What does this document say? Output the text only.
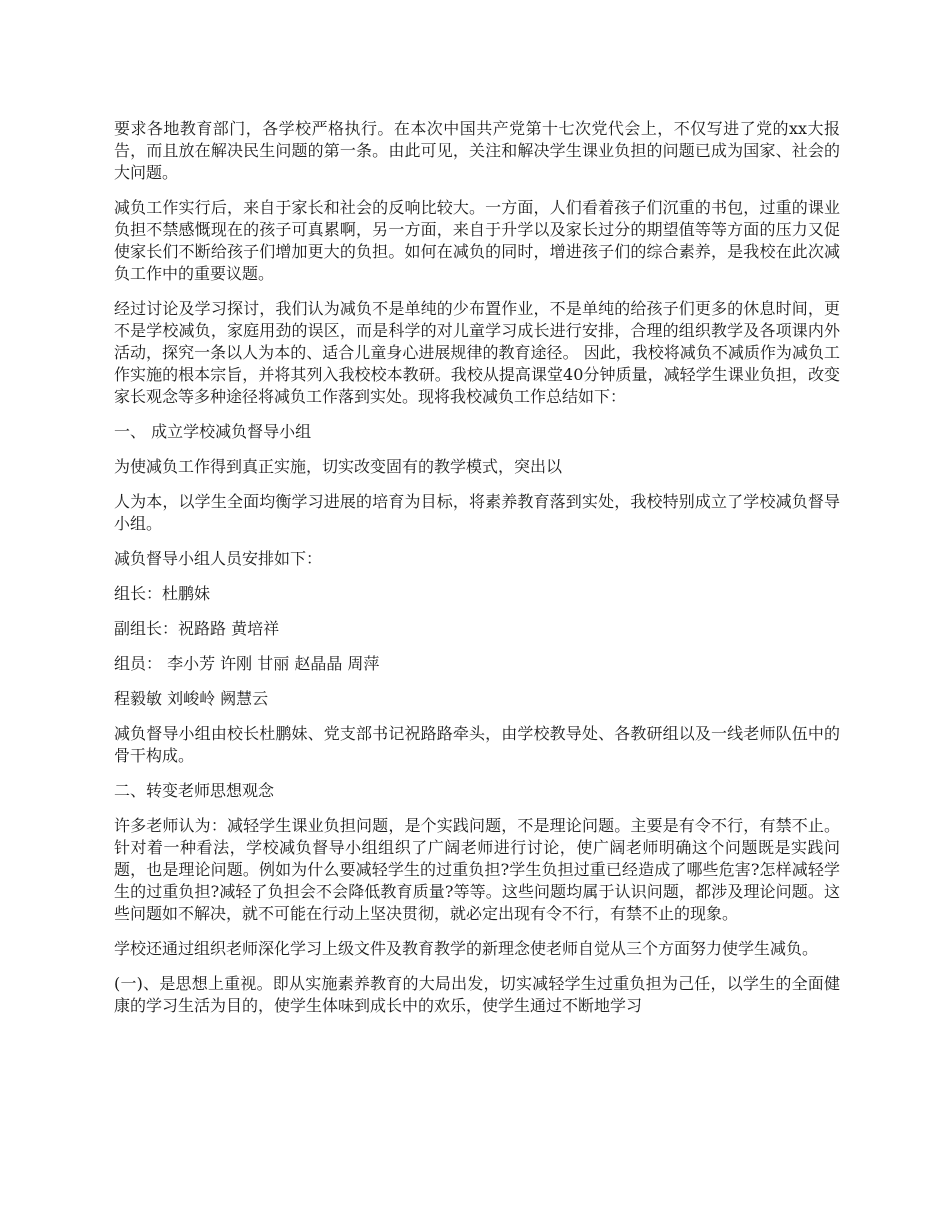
要求各地教育部门，各学校严格执行。在本次中国共产党第十七次党代会上，不仅写进了党的xx大报告，而且放在解决民生问题的第一条。由此可见，关注和解决学生课业负担的问题已成为国家、社会的大问题。

减负工作实行后，来自于家长和社会的反响比较大。一方面，人们看着孩子们沉重的书包，过重的课业负担不禁感慨现在的孩子可真累啊，另一方面，来自于升学以及家长过分的期望值等等方面的压力又促使家长们不断给孩子们增加更大的负担。如何在减负的同时，增进孩子们的综合素养，是我校在此次减负工作中的重要议题。

经过讨论及学习探讨，我们认为减负不是单纯的少布置作业，不是单纯的给孩子们更多的休息时间，更不是学校减负，家庭用劲的误区，而是科学的对儿童学习成长进行安排，合理的组织教学及各项课内外活动，探究一条以人为本的、适合儿童身心进展规律的教育途径。 因此，我校将减负不减质作为减负工作实施的根本宗旨，并将其列入我校校本教研。我校从提高课堂40分钟质量，减轻学生课业负担，改变家长观念等多种途径将减负工作落到实处。现将我校减负工作总结如下：

一、 成立学校减负督导小组

为使减负工作得到真正实施，切实改变固有的教学模式，突出以

人为本，以学生全面均衡学习进展的培育为目标，将素养教育落到实处，我校特别成立了学校减负督导小组。

减负督导小组人员安排如下：

组长：杜鹏妹

副组长：祝路路 黄培祥

组员： 李小芳 许刚 甘丽 赵晶晶 周萍

程毅敏 刘峻岭 阙慧云

减负督导小组由校长杜鹏妹、党支部书记祝路路牵头，由学校教导处、各教研组以及一线老师队伍中的骨干构成。

二、转变老师思想观念

许多老师认为：减轻学生课业负担问题，是个实践问题，不是理论问题。主要是有令不行，有禁不止。针对着一种看法，学校减负督导小组组织了广阔老师进行讨论，使广阔老师明确这个问题既是实践问题，也是理论问题。例如为什么要减轻学生的过重负担?学生负担过重已经造成了哪些危害?怎样减轻学生的过重负担?减轻了负担会不会降低教育质量?等等。这些问题均属于认识问题，都涉及理论问题。这些问题如不解决，就不可能在行动上坚决贯彻，就必定出现有令不行，有禁不止的现象。

学校还通过组织老师深化学习上级文件及教育教学的新理念使老师自觉从三个方面努力使学生减负。

(一)、是思想上重视。即从实施素养教育的大局出发，切实减轻学生过重负担为己任，以学生的全面健康的学习生活为目的，使学生体味到成长中的欢乐，使学生通过不断地学习
